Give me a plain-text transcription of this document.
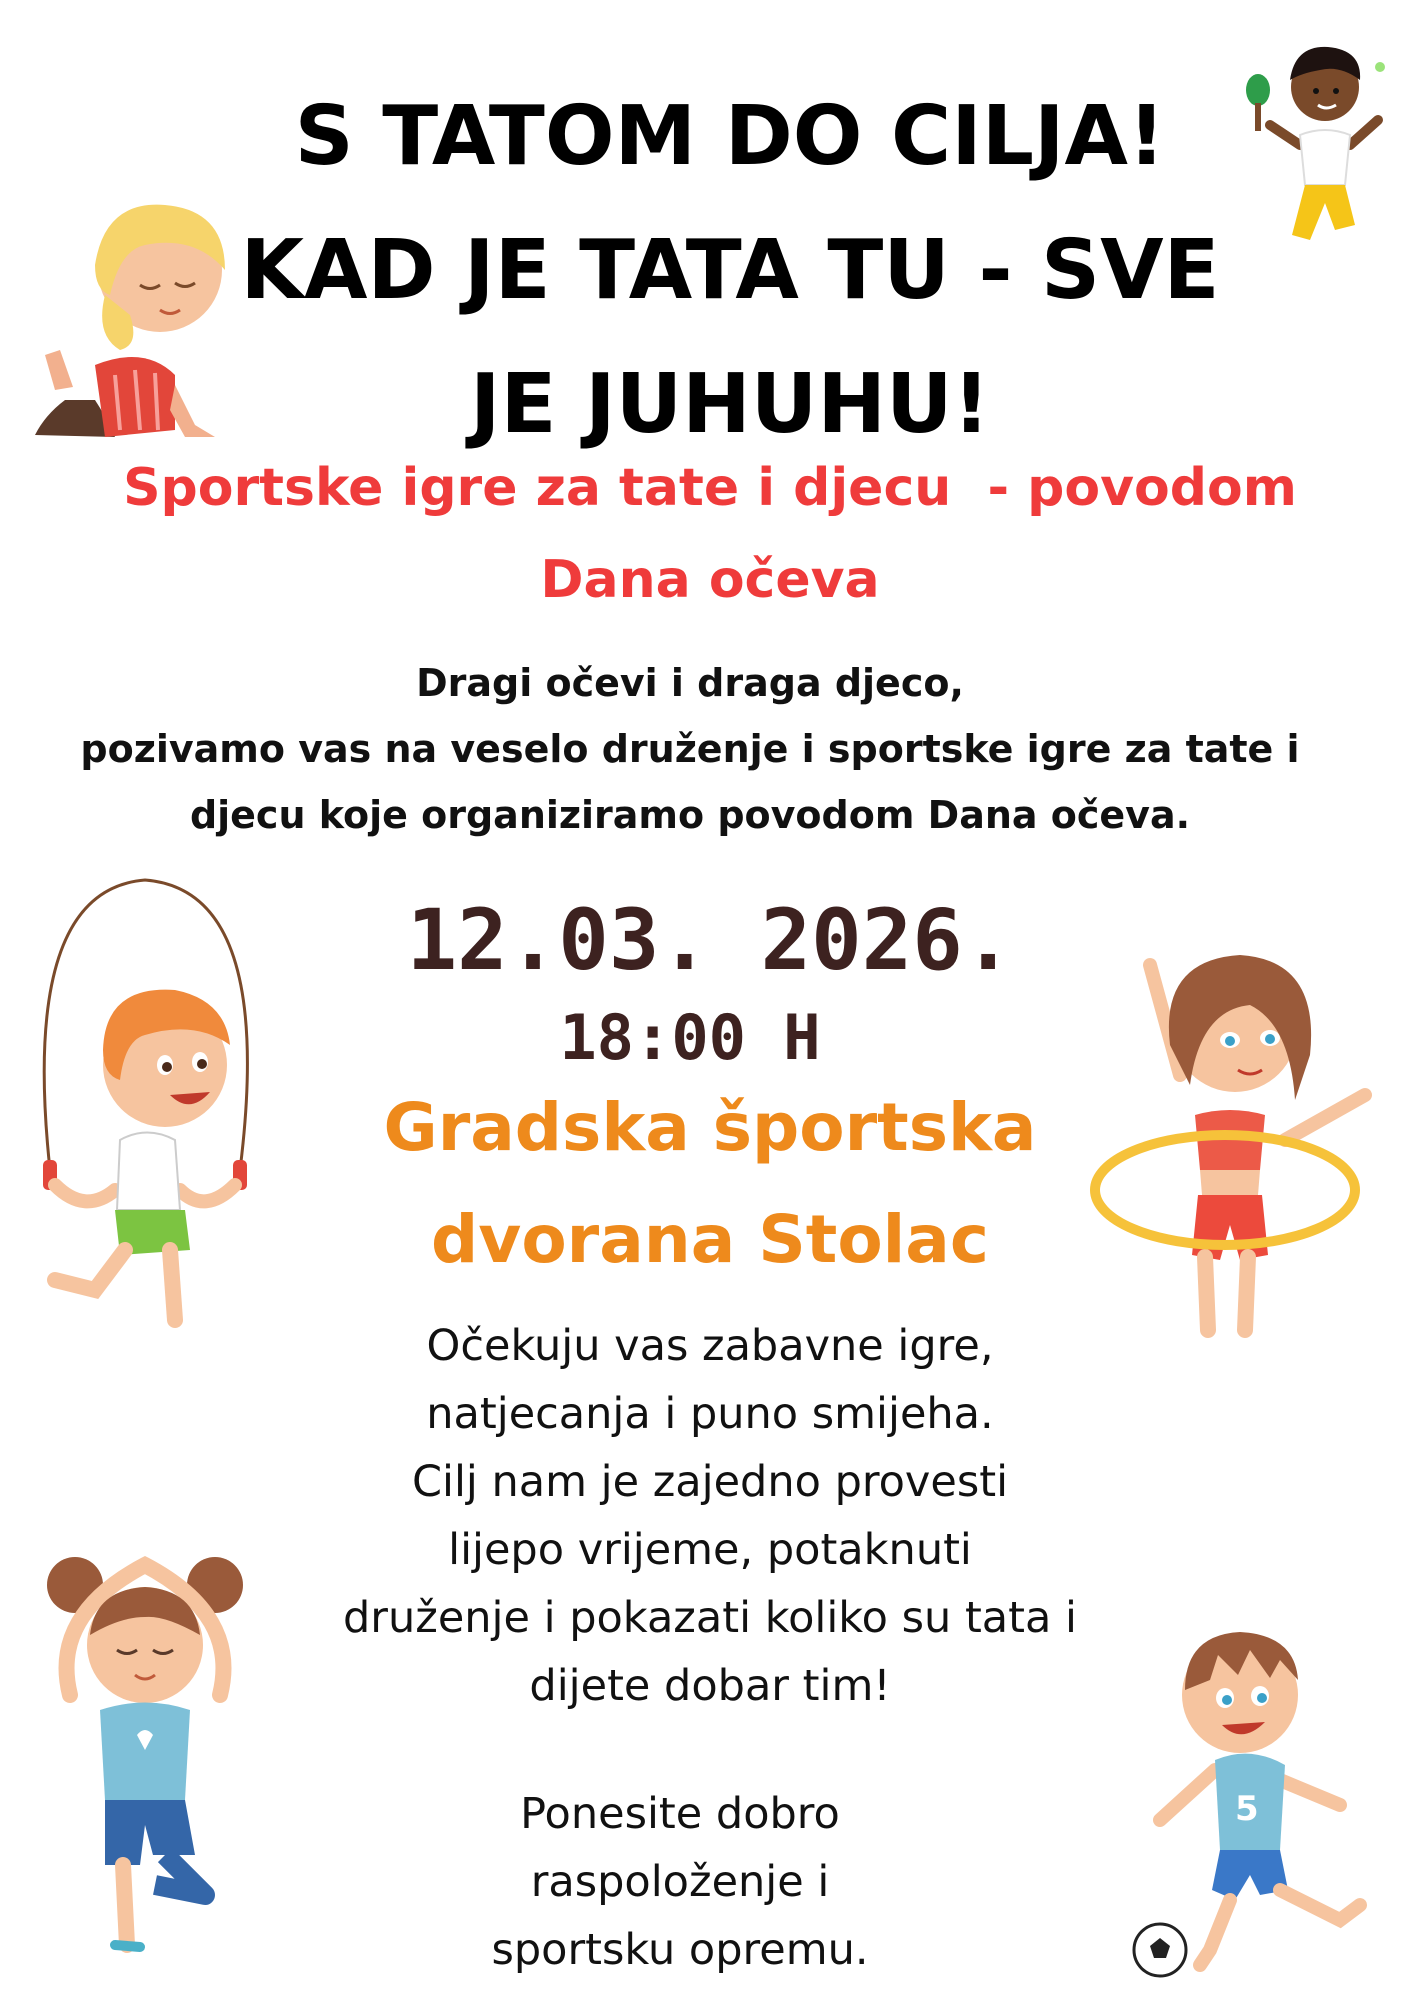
S TATOM DO CILJA!
KAD JE TATA TU - SVE
JE JUHUHU!
Sportske igre za tate i djecu  - povodom
Dana očeva
Dragi očevi i draga djeco,
pozivamo vas na veselo druženje i sportske igre za tate i
djecu koje organiziramo povodom Dana očeva.
12.03. 2026.
18:00 H
Gradska športska
dvorana Stolac
Očekuju vas zabavne igre,
natjecanja i puno smijeha.
Cilj nam je zajedno provesti
lijepo vrijeme, potaknuti
druženje i pokazati koliko su tata i
dijete dobar tim!
Ponesite dobro
raspoloženje i
sportsku opremu.
5
